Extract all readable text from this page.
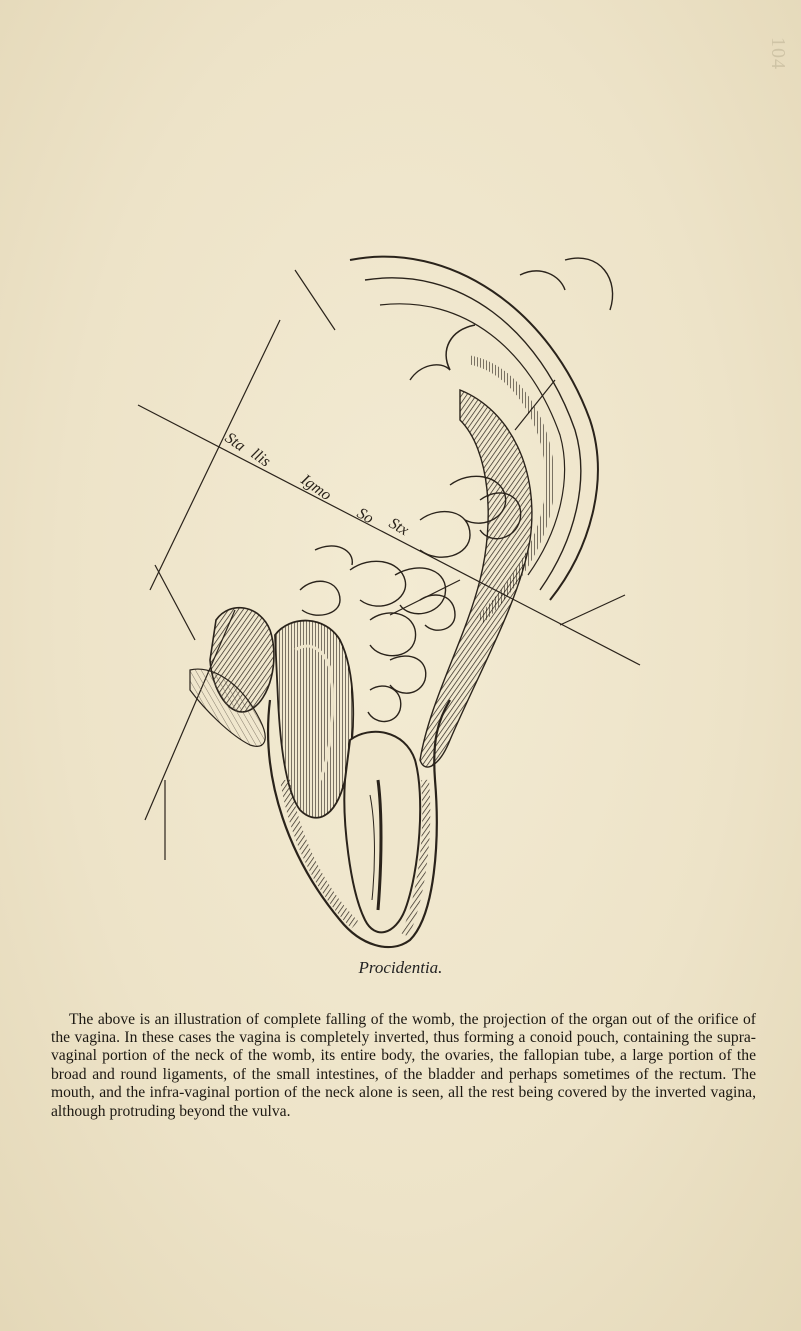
104
Sta
llis
Igmo
So Stx
Procidentia.

The above is an illustration of complete falling of the womb, the projection of the organ out of the orifice of the vagina. In these cases the vagina is completely inverted, thus forming a conoid pouch, containing the supra-vaginal portion of the neck of the womb, its entire body, the ovaries, the fallopian tube, a large portion of the broad and round ligaments, of the small intestines, of the bladder and perhaps sometimes of the rectum. The mouth, and the infra-vaginal portion of the neck alone is seen, all the rest being covered by the inverted vagina, although protruding beyond the vulva.
